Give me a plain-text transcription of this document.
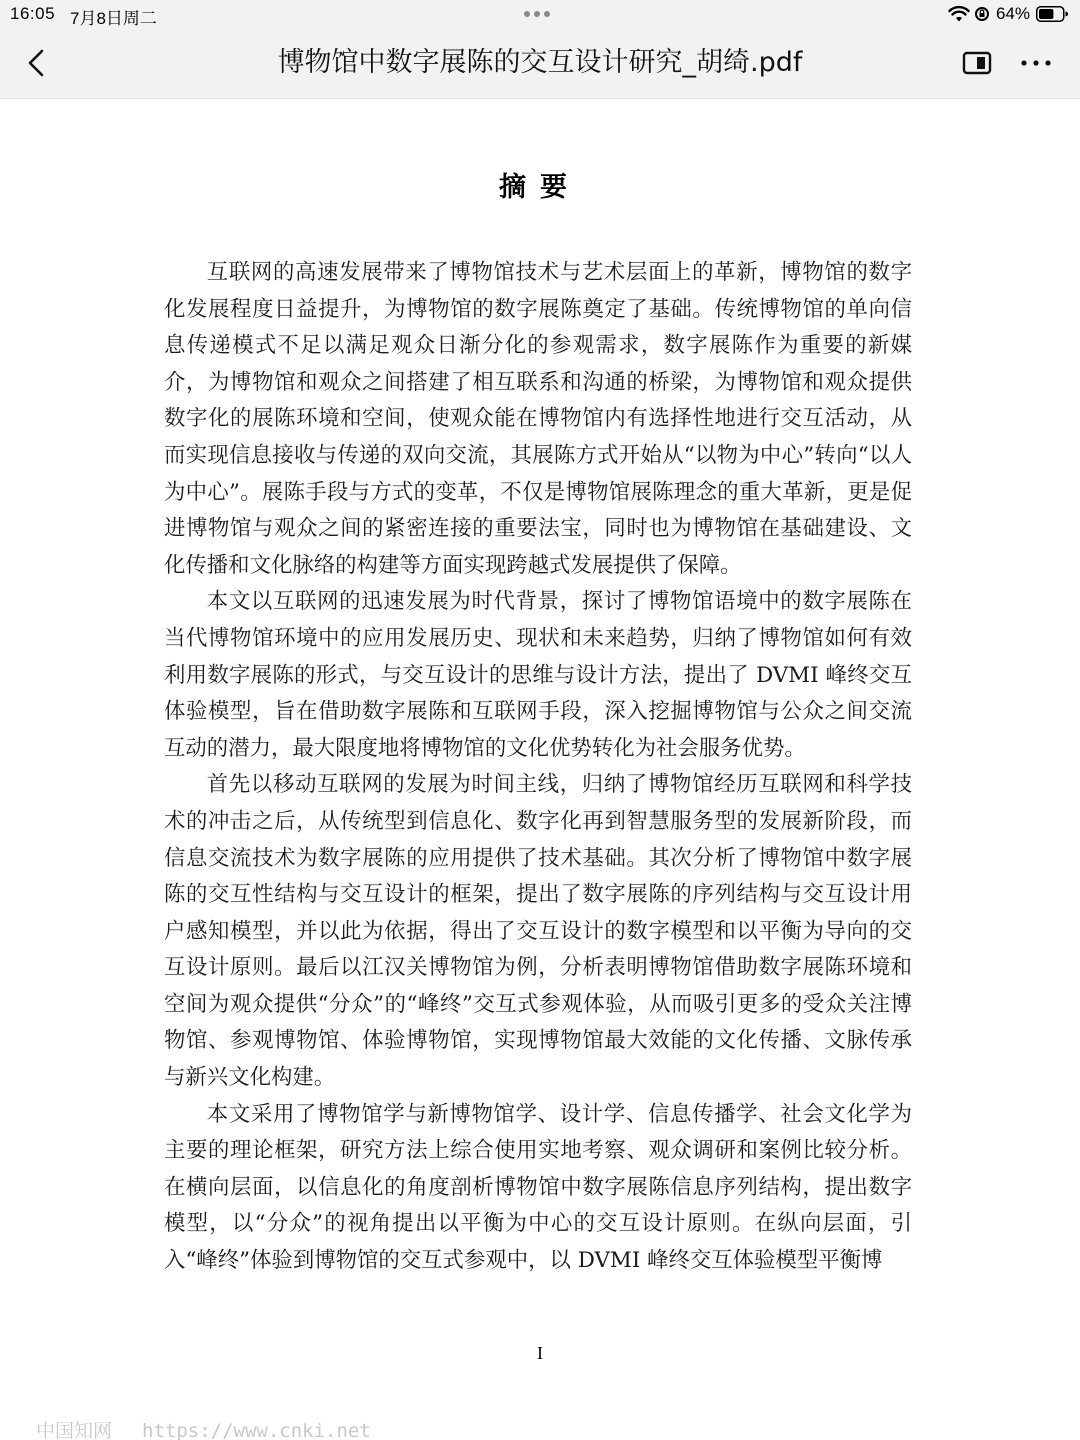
16:05 7月8日周二	64%
博物馆中数字展陈的交互设计研究_胡绮.pdf
摘要

互联网的高速发展带来了博物馆技术与艺术层面上的革新，博物馆的数字化发展程度日益提升，为博物馆的数字展陈奠定了基础。传统博物馆的单向信息传递模式不足以满足观众日渐分化的参观需求，数字展陈作为重要的新媒介，为博物馆和观众之间搭建了相互联系和沟通的桥梁，为博物馆和观众提供数字化的展陈环境和空间，使观众能在博物馆内有选择性地进行交互活动，从而实现信息接收与传递的双向交流，其展陈方式开始从“以物为中心”转向“以人为中心”。展陈手段与方式的变革，不仅是博物馆展陈理念的重大革新，更是促进博物馆与观众之间的紧密连接的重要法宝，同时也为博物馆在基础建设、文化传播和文化脉络的构建等方面实现跨越式发展提供了保障。

本文以互联网的迅速发展为时代背景，探讨了博物馆语境中的数字展陈在当代博物馆环境中的应用发展历史、现状和未来趋势，归纳了博物馆如何有效利用数字展陈的形式，与交互设计的思维与设计方法，提出了 DVMI 峰终交互体验模型，旨在借助数字展陈和互联网手段，深入挖掘博物馆与公众之间交流互动的潜力，最大限度地将博物馆的文化优势转化为社会服务优势。

首先以移动互联网的发展为时间主线，归纳了博物馆经历互联网和科学技术的冲击之后，从传统型到信息化、数字化再到智慧服务型的发展新阶段，而信息交流技术为数字展陈的应用提供了技术基础。其次分析了博物馆中数字展陈的交互性结构与交互设计的框架，提出了数字展陈的序列结构与交互设计用户感知模型，并以此为依据，得出了交互设计的数字模型和以平衡为导向的交互设计原则。最后以江汉关博物馆为例，分析表明博物馆借助数字展陈环境和空间为观众提供“分众”的“峰终”交互式参观体验，从而吸引更多的受众关注博物馆、参观博物馆、体验博物馆，实现博物馆最大效能的文化传播、文脉传承与新兴文化构建。

本文采用了博物馆学与新博物馆学、设计学、信息传播学、社会文化学为主要的理论框架，研究方法上综合使用实地考察、观众调研和案例比较分析。在横向层面，以信息化的角度剖析博物馆中数字展陈信息序列结构，提出数字模型，以“分众”的视角提出以平衡为中心的交互设计原则。在纵向层面，引入“峰终”体验到博物馆的交互式参观中，以 DVMI 峰终交互体验模型平衡博

I
中国知网 https://www.cnki.net
